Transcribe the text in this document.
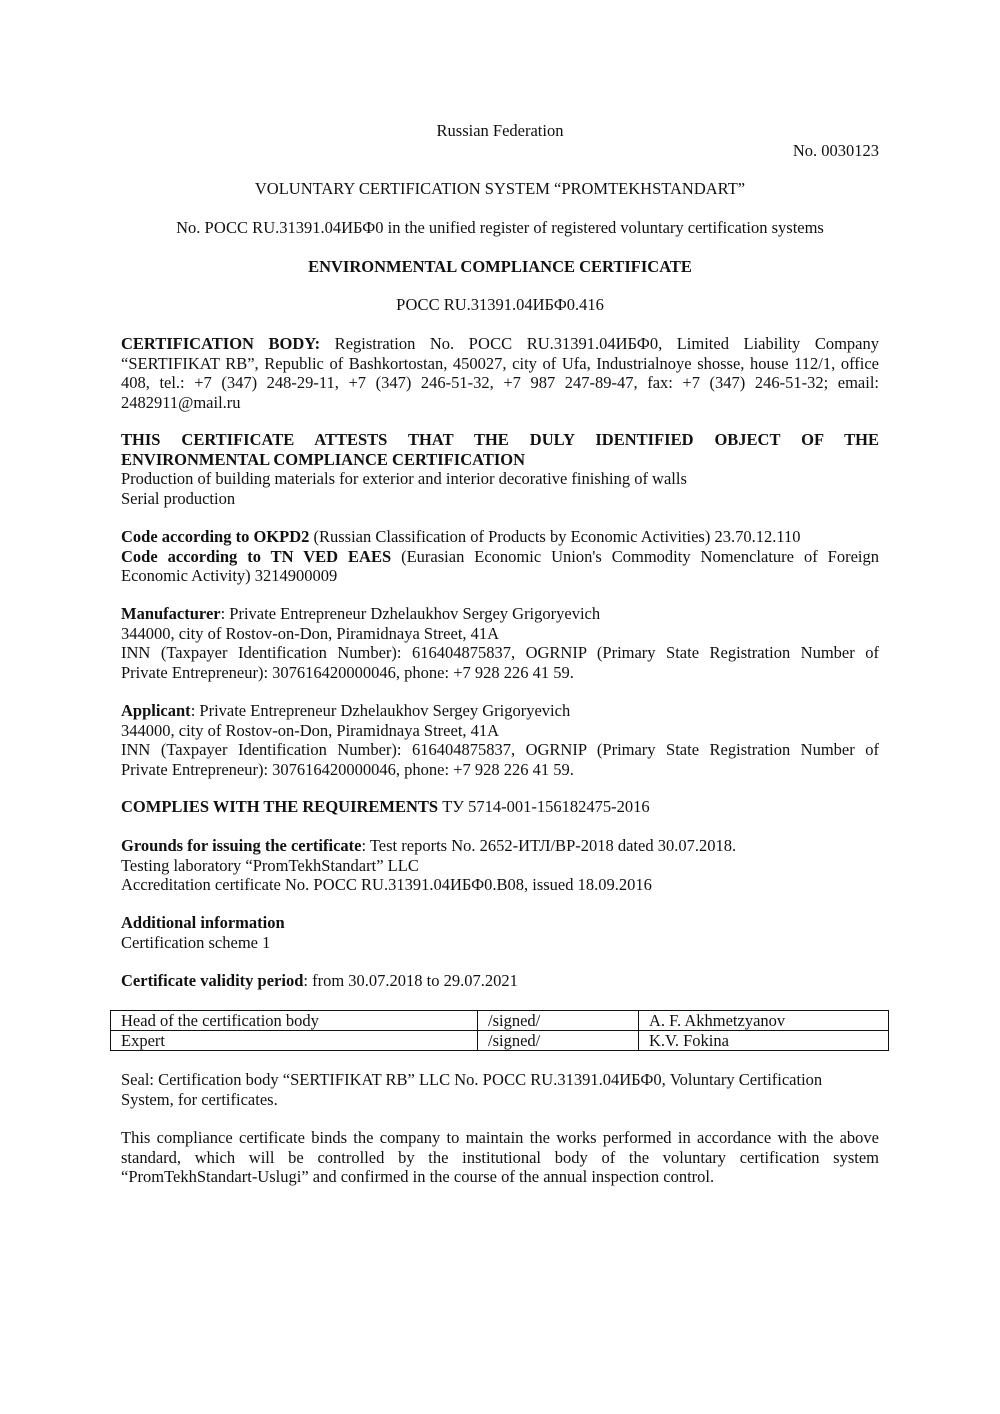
Russian Federation
No. 0030123
VOLUNTARY CERTIFICATION SYSTEM “PROMTEKHSTANDART”
No. РОСС RU.31391.04ИБФ0 in the unified register of registered voluntary certification systems
ENVIRONMENTAL COMPLIANCE CERTIFICATE
РОСС RU.31391.04ИБФ0.416
CERTIFICATION BODY: Registration No. РОСС RU.31391.04ИБФ0, Limited Liability Company
“SERTIFIKAT RB”, Republic of Bashkortostan, 450027, city of Ufa, Industrialnoye shosse, house 112/1, office
408, tel.: +7 (347) 248-29-11, +7 (347) 246-51-32, +7 987 247-89-47, fax: +7 (347) 246-51-32; email:
2482911@mail.ru
THIS CERTIFICATE ATTESTS THAT THE DULY IDENTIFIED OBJECT OF THE
ENVIRONMENTAL COMPLIANCE CERTIFICATION
Production of building materials for exterior and interior decorative finishing of walls
Serial production
Code according to OKPD2 (Russian Classification of Products by Economic Activities) 23.70.12.110
Code according to TN VED EAES (Eurasian Economic Union's Commodity Nomenclature of Foreign
Economic Activity) 3214900009
Manufacturer: Private Entrepreneur Dzhelaukhov Sergey Grigoryevich
344000, city of Rostov-on-Don, Piramidnaya Street, 41A
INN (Taxpayer Identification Number): 616404875837, OGRNIP (Primary State Registration Number of
Private Entrepreneur): 307616420000046, phone: +7 928 226 41 59.
Applicant: Private Entrepreneur Dzhelaukhov Sergey Grigoryevich
344000, city of Rostov-on-Don, Piramidnaya Street, 41A
INN (Taxpayer Identification Number): 616404875837, OGRNIP (Primary State Registration Number of
Private Entrepreneur): 307616420000046, phone: +7 928 226 41 59.
COMPLIES WITH THE REQUIREMENTS ТУ 5714-001-156182475-2016
Grounds for issuing the certificate: Test reports No. 2652-ИТЛ/ВР-2018 dated 30.07.2018.
Testing laboratory “PromTekhStandart” LLC
Accreditation certificate No. РОСС RU.31391.04ИБФ0.В08, issued 18.09.2016
Additional information
Certification scheme 1
Certificate validity period: from 30.07.2018 to 29.07.2021
Head of the certification body	/signed/	A. F. Akhmetzyanov
Expert	/signed/	K.V. Fokina
Seal: Certification body “SERTIFIKAT RB” LLC No. РОСС RU.31391.04ИБФ0, Voluntary Certification
System, for certificates.
This compliance certificate binds the company to maintain the works performed in accordance with the above
standard, which will be controlled by the institutional body of the voluntary certification system
“PromTekhStandart-Uslugi” and confirmed in the course of the annual inspection control.
